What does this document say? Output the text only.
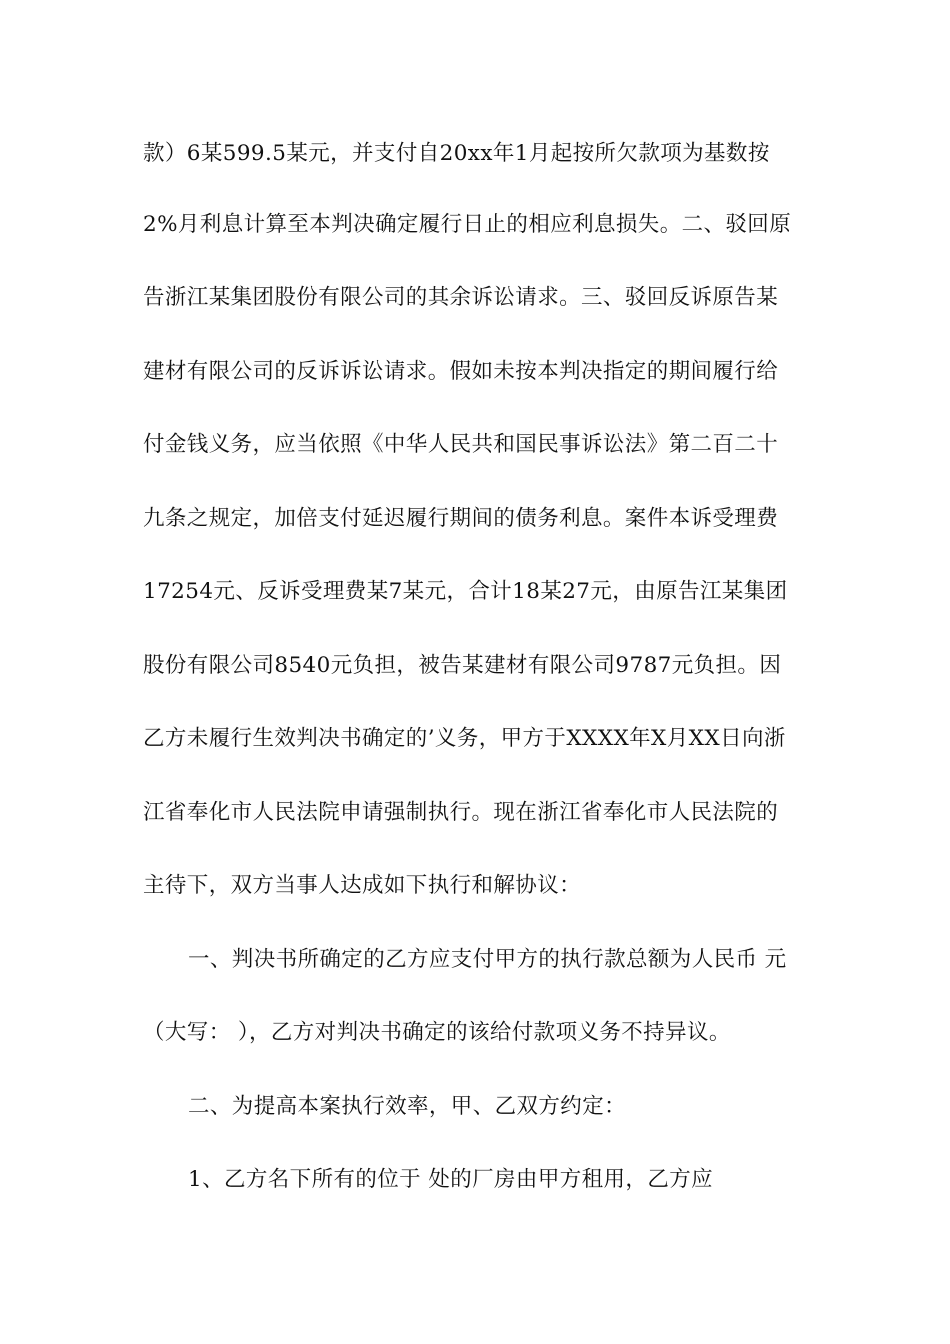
款）6某599.5某元，并支付自20xx年1月起按所欠款项为基数按
2%月利息计算至本判决确定履行日止的相应利息损失。二、驳回原
告浙江某集团股份有限公司的其余诉讼请求。三、驳回反诉原告某
建材有限公司的反诉诉讼请求。假如未按本判决指定的期间履行给
付金钱义务，应当依照《中华人民共和国民事诉讼法》第二百二十
九条之规定，加倍支付延迟履行期间的债务利息。案件本诉受理费
17254元、反诉受理费某7某元，合计18某27元，由原告江某集团
股份有限公司8540元负担，被告某建材有限公司9787元负担。因
乙方未履行生效判决书确定的’义务，甲方于XXXX年X月XX日向浙
江省奉化市人民法院申请强制执行。现在浙江省奉化市人民法院的
主待下，双方当事人达成如下执行和解协议：
一、判决书所确定的乙方应支付甲方的执行款总额为人民币 元
（大写： ），乙方对判决书确定的该给付款项义务不持异议。
二、为提高本案执行效率，甲、乙双方约定：
1、乙方名下所有的位于 处的厂房由甲方租用，乙方应
